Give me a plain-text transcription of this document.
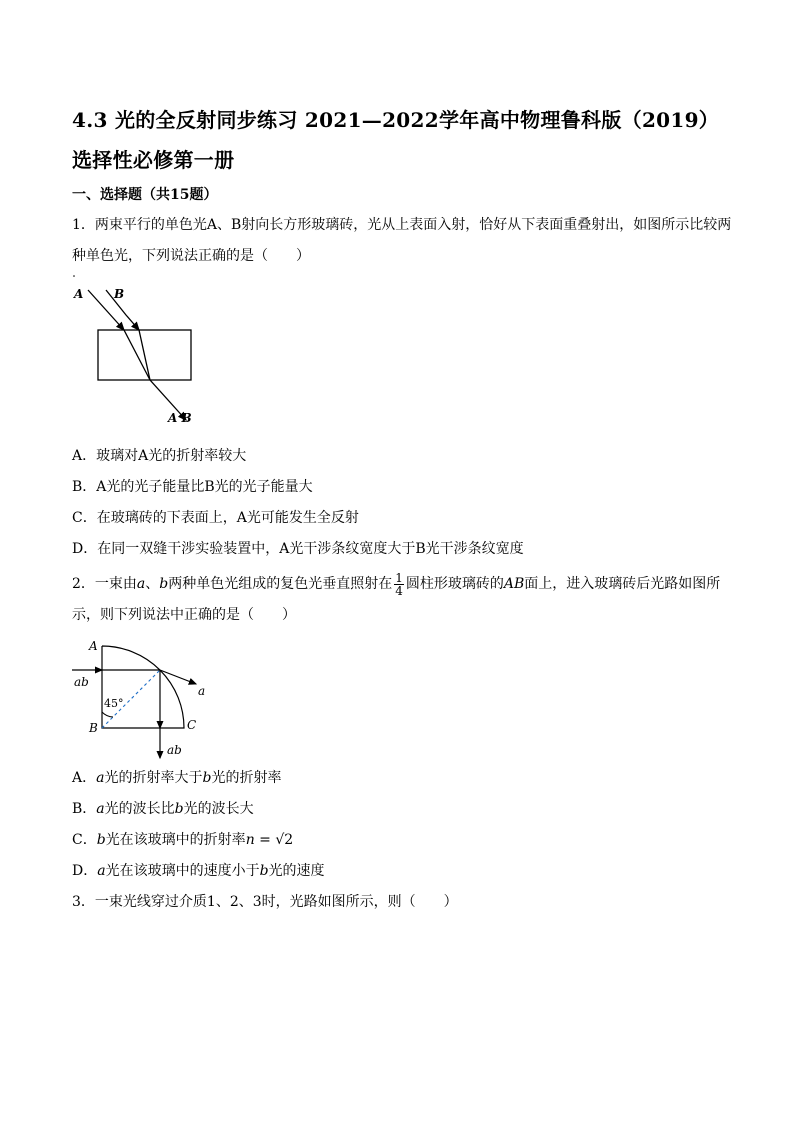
4.3 光的全反射同步练习 2021—2022学年高中物理鲁科版（2019）选择性必修第一册
一、选择题（共15题）
1．两束平行的单色光A、B射向长方形玻璃砖，光从上表面入射，恰好从下表面重叠射出，如图所示比较两种单色光，下列说法正确的是（　　）
A	B
A B
A．玻璃对A光的折射率较大
B．A光的光子能量比B光的光子能量大
C．在玻璃砖的下表面上，A光可能发生全反射
D．在同一双缝干涉实验装置中，A光干涉条纹宽度大于B光干涉条纹宽度
2．一束由a、b两种单色光组成的复色光垂直照射在 $\frac{1}{4}$ 圆柱形玻璃砖的AB面上，进入玻璃砖后光路如图所示，则下列说法中正确的是（　　）
A
B	C
ab
ab
a
45°
A．a光的折射率大于b光的折射率
B．a光的波长比b光的波长大
C．b光在该玻璃中的折射率n = √2
D．a光在该玻璃中的速度小于b光的速度
3．一束光线穿过介质1、2、3时，光路如图所示，则（　　）
